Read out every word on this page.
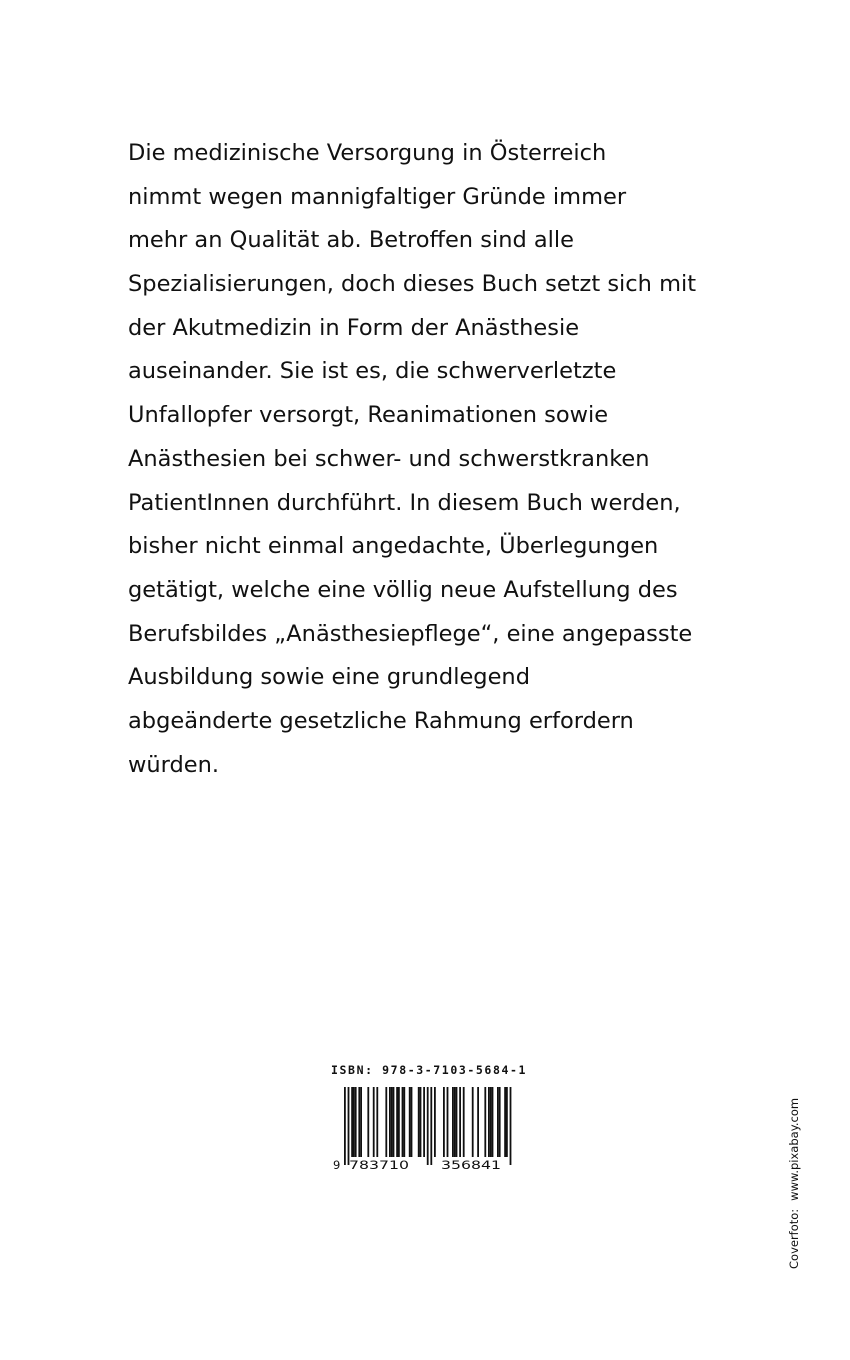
Die medizinische Versorgung in Österreich
nimmt wegen mannigfaltiger Gründe immer
mehr an Qualität ab. Betroffen sind alle
Spezialisierungen, doch dieses Buch setzt sich mit
der Akutmedizin in Form der Anästhesie
auseinander. Sie ist es, die schwerverletzte
Unfallopfer versorgt, Reanimationen sowie
Anästhesien bei schwer- und schwerstkranken
PatientInnen durchführt. In diesem Buch werden,
bisher nicht einmal angedachte, Überlegungen
getätigt, welche eine völlig neue Aufstellung des
Berufsbildes „Anästhesiepflege“, eine angepasste
Ausbildung sowie eine grundlegend
abgeänderte gesetzliche Rahmung erfordern
würden.

ISBN: 978-3-7103-5684-1

9 783710	356841
Coverfoto:www.pixabay.com
